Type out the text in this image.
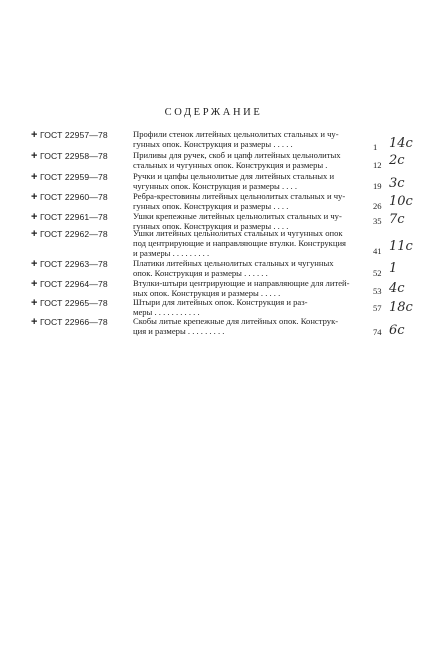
СОДЕРЖАНИЕ
+ ГОСТ 22957—78	Профили стенок литейных цельнолитых стальных и чу-
гунных опок. Конструкция и размеры . . . . .	1 14c
+ ГОСТ 22958—78	Приливы для ручек, скоб и цапф литейных цельнолитых
стальных и чугунных опок. Конструкция и размеры .	12 2c
+ ГОСТ 22959—78	Ручки и цапфы цельнолитые для литейных стальных и
чугунных опок. Конструкция и размеры . . . .	19 3c
+ ГОСТ 22960—78	Ребра-крестовины литейных цельнолитых стальных и чу-
гунных опок. Конструкция и размеры . . . .	26 10c
+ ГОСТ 22961—78	Ушки крепежные литейных цельнолитых стальных и чу-
гунных опок. Конструкция и размеры . . . .	35 7c
+ ГОСТ 22962—78	Ушки литейных цельнолитых стальных и чугунных опок
под центрирующие и направляющие втулки. Конструкция
и размеры . . . . . . . . .	41 11c
+ ГОСТ 22963—78	Платики литейных цельнолитых стальных и чугунных
опок. Конструкция и размеры . . . . . .	52 1
+ ГОСТ 22964—78	Втулки-штыри центрирующие и направляющие для литей-
ных опок. Конструкция и размеры . . . . .	53 4c
+ ГОСТ 22965—78	Штыри для литейных опок. Конструкция и раз-
меры . . . . . . . . . . .	57 18c
+ ГОСТ 22966—78	Скобы литые крепежные для литейных опок. Конструк-
ция и размеры . . . . . . . . .	74 6c
